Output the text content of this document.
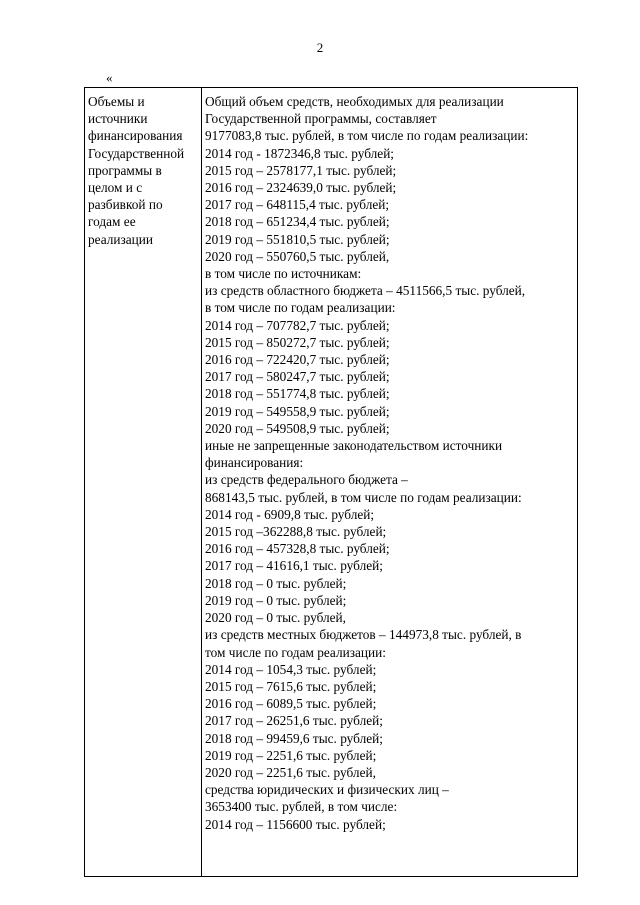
2
«
Объемы и
источники
финансирования
Государственной
программы в
целом и с
разбивкой по
годам ее
реализации
Общий объем средств, необходимых для реализации
Государственной программы, составляет
9177083,8 тыс. рублей, в том числе по годам реализации:
2014 год - 1872346,8 тыс. рублей;
2015 год – 2578177,1 тыс. рублей;
2016 год – 2324639,0 тыс. рублей;
2017 год – 648115,4 тыс. рублей;
2018 год – 651234,4 тыс. рублей;
2019 год – 551810,5 тыс. рублей;
2020 год – 550760,5 тыс. рублей,
в том числе по источникам:
из средств областного бюджета – 4511566,5 тыс. рублей,
в том числе по годам реализации:
2014 год – 707782,7 тыс. рублей;
2015 год – 850272,7 тыс. рублей;
2016 год – 722420,7 тыс. рублей;
2017 год – 580247,7 тыс. рублей;
2018 год – 551774,8 тыс. рублей;
2019 год – 549558,9 тыс. рублей;
2020 год – 549508,9 тыс. рублей;
иные не запрещенные законодательством источники
финансирования:
из средств федерального бюджета –
868143,5 тыс. рублей, в том числе по годам реализации:
2014 год - 6909,8 тыс. рублей;
2015 год –362288,8 тыс. рублей;
2016 год – 457328,8 тыс. рублей;
2017 год – 41616,1 тыс. рублей;
2018 год – 0 тыс. рублей;
2019 год – 0 тыс. рублей;
2020 год – 0 тыс. рублей,
из средств местных бюджетов – 144973,8 тыс. рублей, в
том числе по годам реализации:
2014 год – 1054,3 тыс. рублей;
2015 год – 7615,6 тыс. рублей;
2016 год – 6089,5 тыс. рублей;
2017 год – 26251,6 тыс. рублей;
2018 год – 99459,6 тыс. рублей;
2019 год – 2251,6 тыс. рублей;
2020 год – 2251,6 тыс. рублей,
средства юридических и физических лиц –
3653400 тыс. рублей, в том числе:
2014 год – 1156600 тыс. рублей;
